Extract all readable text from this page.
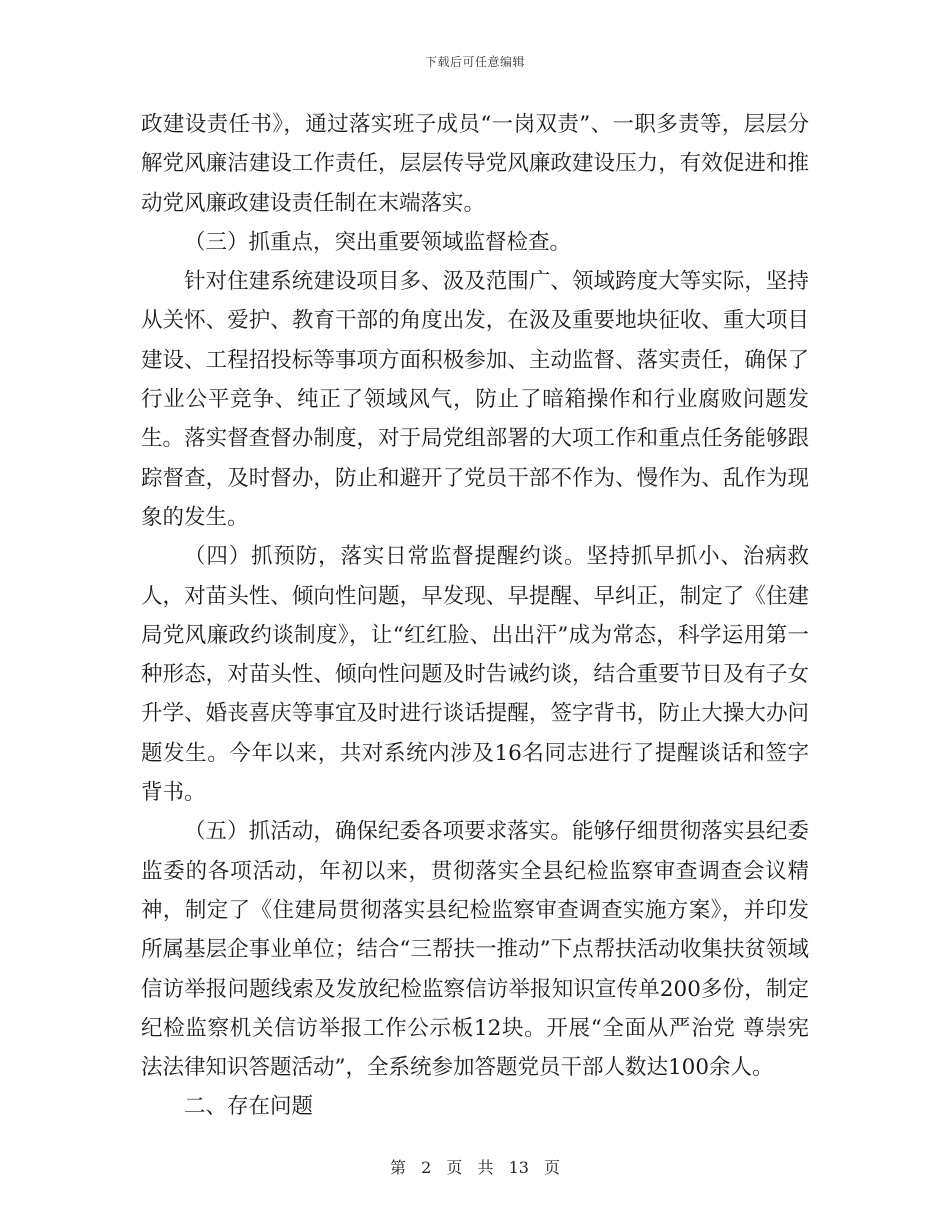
下载后可任意编辑

政建设责任书》，通过落实班子成员“一岗双责”、一职多责等，层层分解党风廉洁建设工作责任，层层传导党风廉政建设压力，有效促进和推动党风廉政建设责任制在末端落实。

（三）抓重点，突出重要领域监督检查。

针对住建系统建设项目多、汲及范围广、领域跨度大等实际，坚持从关怀、爱护、教育干部的角度出发，在汲及重要地块征收、重大项目建设、工程招投标等事项方面积极参加、主动监督、落实责任，确保了行业公平竞争、纯正了领域风气，防止了暗箱操作和行业腐败问题发生。落实督查督办制度，对于局党组部署的大项工作和重点任务能够跟踪督查，及时督办，防止和避开了党员干部不作为、慢作为、乱作为现象的发生。

（四）抓预防，落实日常监督提醒约谈。坚持抓早抓小、治病救人，对苗头性、倾向性问题，早发现、早提醒、早纠正，制定了《住建局党风廉政约谈制度》，让“红红脸、出出汗”成为常态，科学运用第一种形态，对苗头性、倾向性问题及时告诫约谈，结合重要节日及有子女升学、婚丧喜庆等事宜及时进行谈话提醒，签字背书，防止大操大办问题发生。今年以来，共对系统内涉及16名同志进行了提醒谈话和签字背书。

（五）抓活动，确保纪委各项要求落实。能够仔细贯彻落实县纪委监委的各项活动，年初以来，贯彻落实全县纪检监察审查调查会议精神，制定了《住建局贯彻落实县纪检监察审查调查实施方案》，并印发所属基层企事业单位；结合“三帮扶一推动”下点帮扶活动收集扶贫领域信访举报问题线索及发放纪检监察信访举报知识宣传单200多份，制定纪检监察机关信访举报工作公示板12块。开展“全面从严治党 尊崇宪法法律知识答题活动”，全系统参加答题党员干部人数达100余人。

二、存在问题

第 2 页 共 13 页
